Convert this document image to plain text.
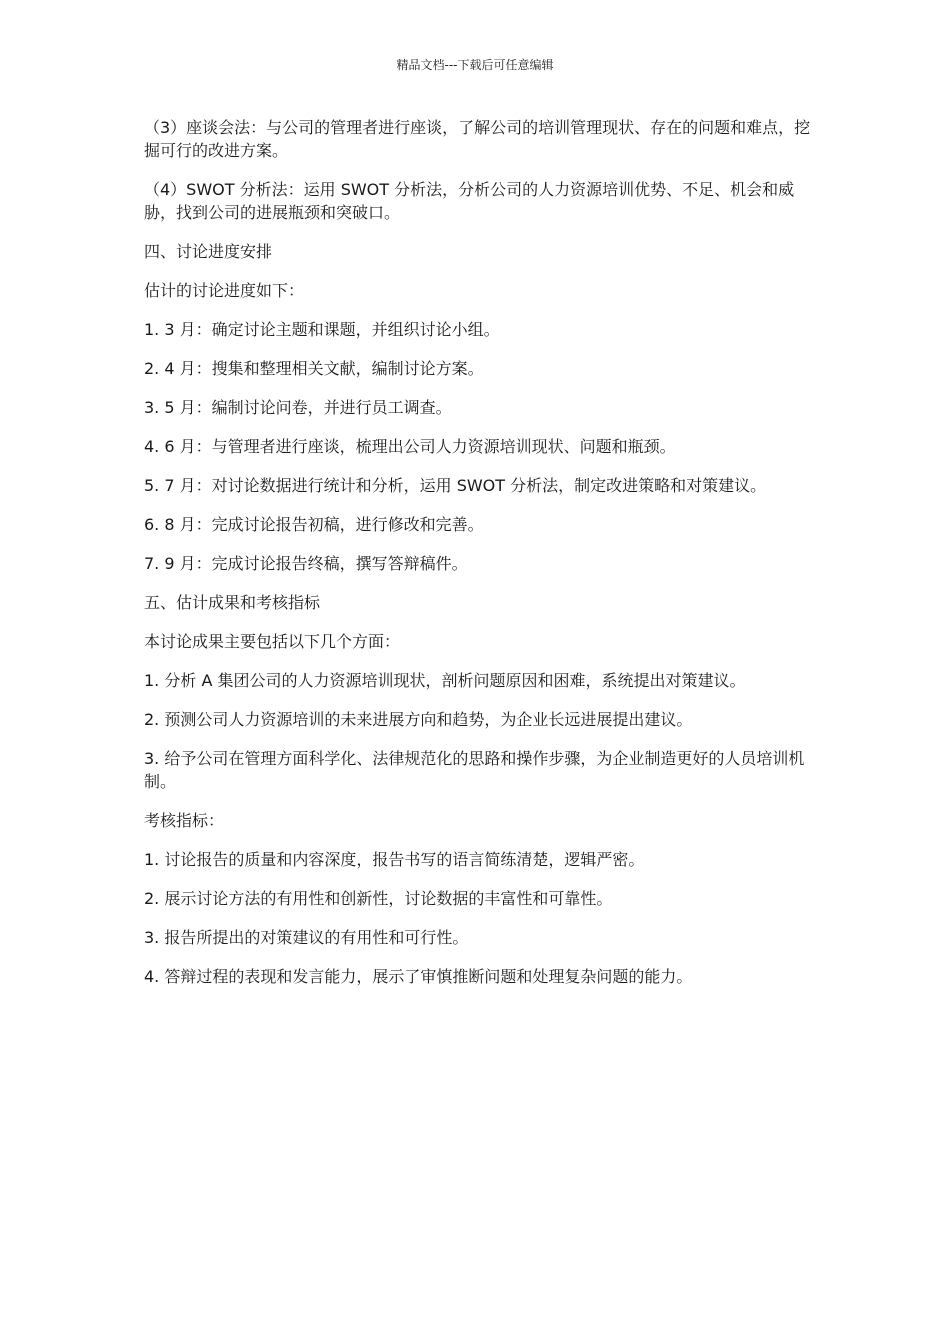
精品文档---下载后可任意编辑

（3）座谈会法：与公司的管理者进行座谈，了解公司的培训管理现状、存在的问题和难点，挖掘可行的改进方案。

（4）SWOT 分析法：运用 SWOT 分析法，分析公司的人力资源培训优势、不足、机会和威胁，找到公司的进展瓶颈和突破口。

四、讨论进度安排

估计的讨论进度如下：

1. 3 月：确定讨论主题和课题，并组织讨论小组。

2. 4 月：搜集和整理相关文献，编制讨论方案。

3. 5 月：编制讨论问卷，并进行员工调查。

4. 6 月：与管理者进行座谈，梳理出公司人力资源培训现状、问题和瓶颈。

5. 7 月：对讨论数据进行统计和分析，运用 SWOT 分析法，制定改进策略和对策建议。

6. 8 月：完成讨论报告初稿，进行修改和完善。

7. 9 月：完成讨论报告终稿，撰写答辩稿件。

五、估计成果和考核指标

本讨论成果主要包括以下几个方面：

1. 分析 A 集团公司的人力资源培训现状，剖析问题原因和困难，系统提出对策建议。

2. 预测公司人力资源培训的未来进展方向和趋势，为企业长远进展提出建议。

3. 给予公司在管理方面科学化、法律规范化的思路和操作步骤，为企业制造更好的人员培训机制。

考核指标：

1. 讨论报告的质量和内容深度，报告书写的语言简练清楚，逻辑严密。

2. 展示讨论方法的有用性和创新性，讨论数据的丰富性和可靠性。

3. 报告所提出的对策建议的有用性和可行性。

4. 答辩过程的表现和发言能力，展示了审慎推断问题和处理复杂问题的能力。
